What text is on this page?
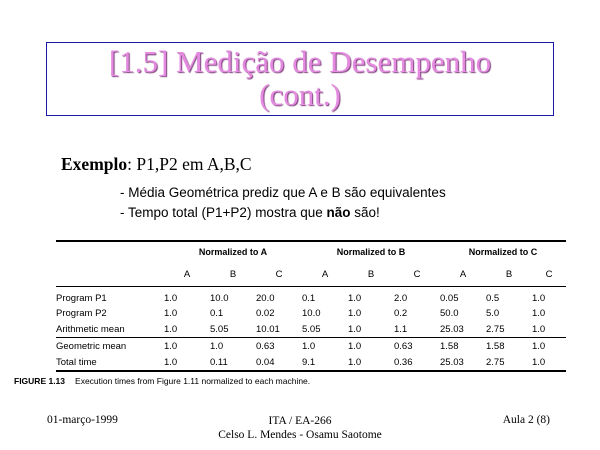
[1.5] Medição de Desempenho
(cont.)
Exemplo: P1,P2 em A,B,C
- Média Geométrica prediz que A e B são equivalentes
- Tempo total (P1+P2) mostra que não são!
	Normalized to A			Normalized to B			Normalized to C		
	A	B	C	A	B	C	A	B	C
Program P1	1.0	10.0	20.0	0.1	1.0	2.0	0.05	0.5	1.0
Program P2	1.0	0.1	0.02	10.0	1.0	0.2	50.0	5.0	1.0
Arithmetic mean	1.0	5.05	10.01	5.05	1.0	1.1	25.03	2.75	1.0
Geometric mean	1.0	1.0	0.63	1.0	1.0	0.63	1.58	1.58	1.0
Total time	1.0	0.11	0.04	9.1	1.0	0.36	25.03	2.75	1.0
FIGURE 1.13 Execution times from Figure 1.11 normalized to each machine.
01-março-1999	ITA / EA-266
Celso L. Mendes - Osamu Saotome
Aula 2 (8)
